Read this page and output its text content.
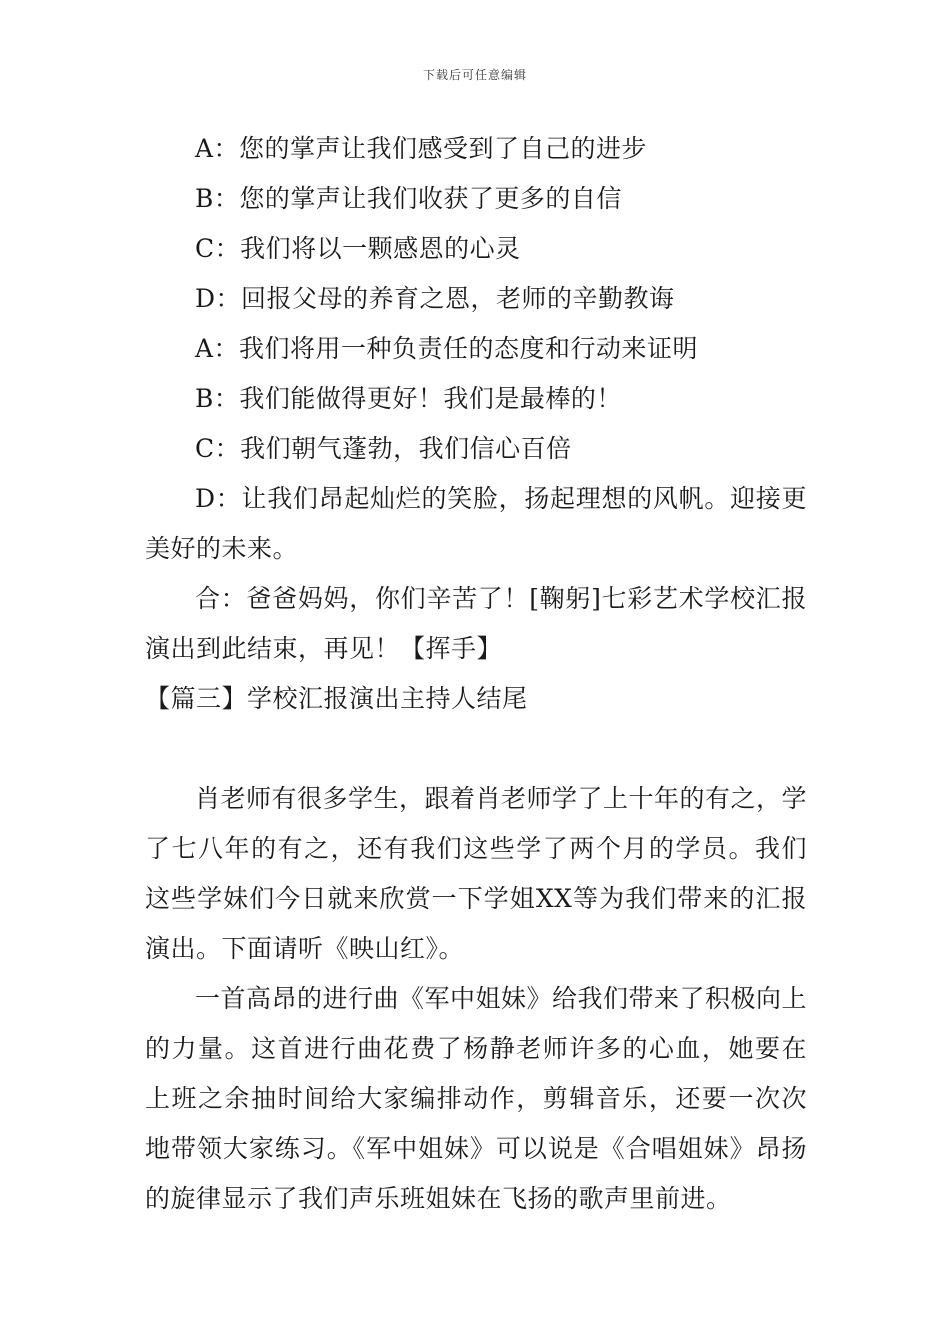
下载后可任意编辑

A：您的掌声让我们感受到了自己的进步

B：您的掌声让我们收获了更多的自信

C：我们将以一颗感恩的心灵

D：回报父母的养育之恩，老师的辛勤教诲

A：我们将用一种负责任的态度和行动来证明

B：我们能做得更好！我们是最棒的！

C：我们朝气蓬勃，我们信心百倍

D：让我们昂起灿烂的笑脸，扬起理想的风帆。迎接更美好的未来。

合：爸爸妈妈，你们辛苦了！[鞠躬]七彩艺术学校汇报演出到此结束，再见！【挥手】

【篇三】学校汇报演出主持人结尾

肖老师有很多学生，跟着肖老师学了上十年的有之，学了七八年的有之，还有我们这些学了两个月的学员。我们这些学妹们今日就来欣赏一下学姐XX等为我们带来的汇报演出。下面请听《映山红》。

一首高昂的进行曲《军中姐妹》给我们带来了积极向上的力量。这首进行曲花费了杨静老师许多的心血，她要在上班之余抽时间给大家编排动作，剪辑音乐，还要一次次地带领大家练习。《军中姐妹》可以说是《合唱姐妹》昂扬的旋律显示了我们声乐班姐妹在飞扬的歌声里前进。
